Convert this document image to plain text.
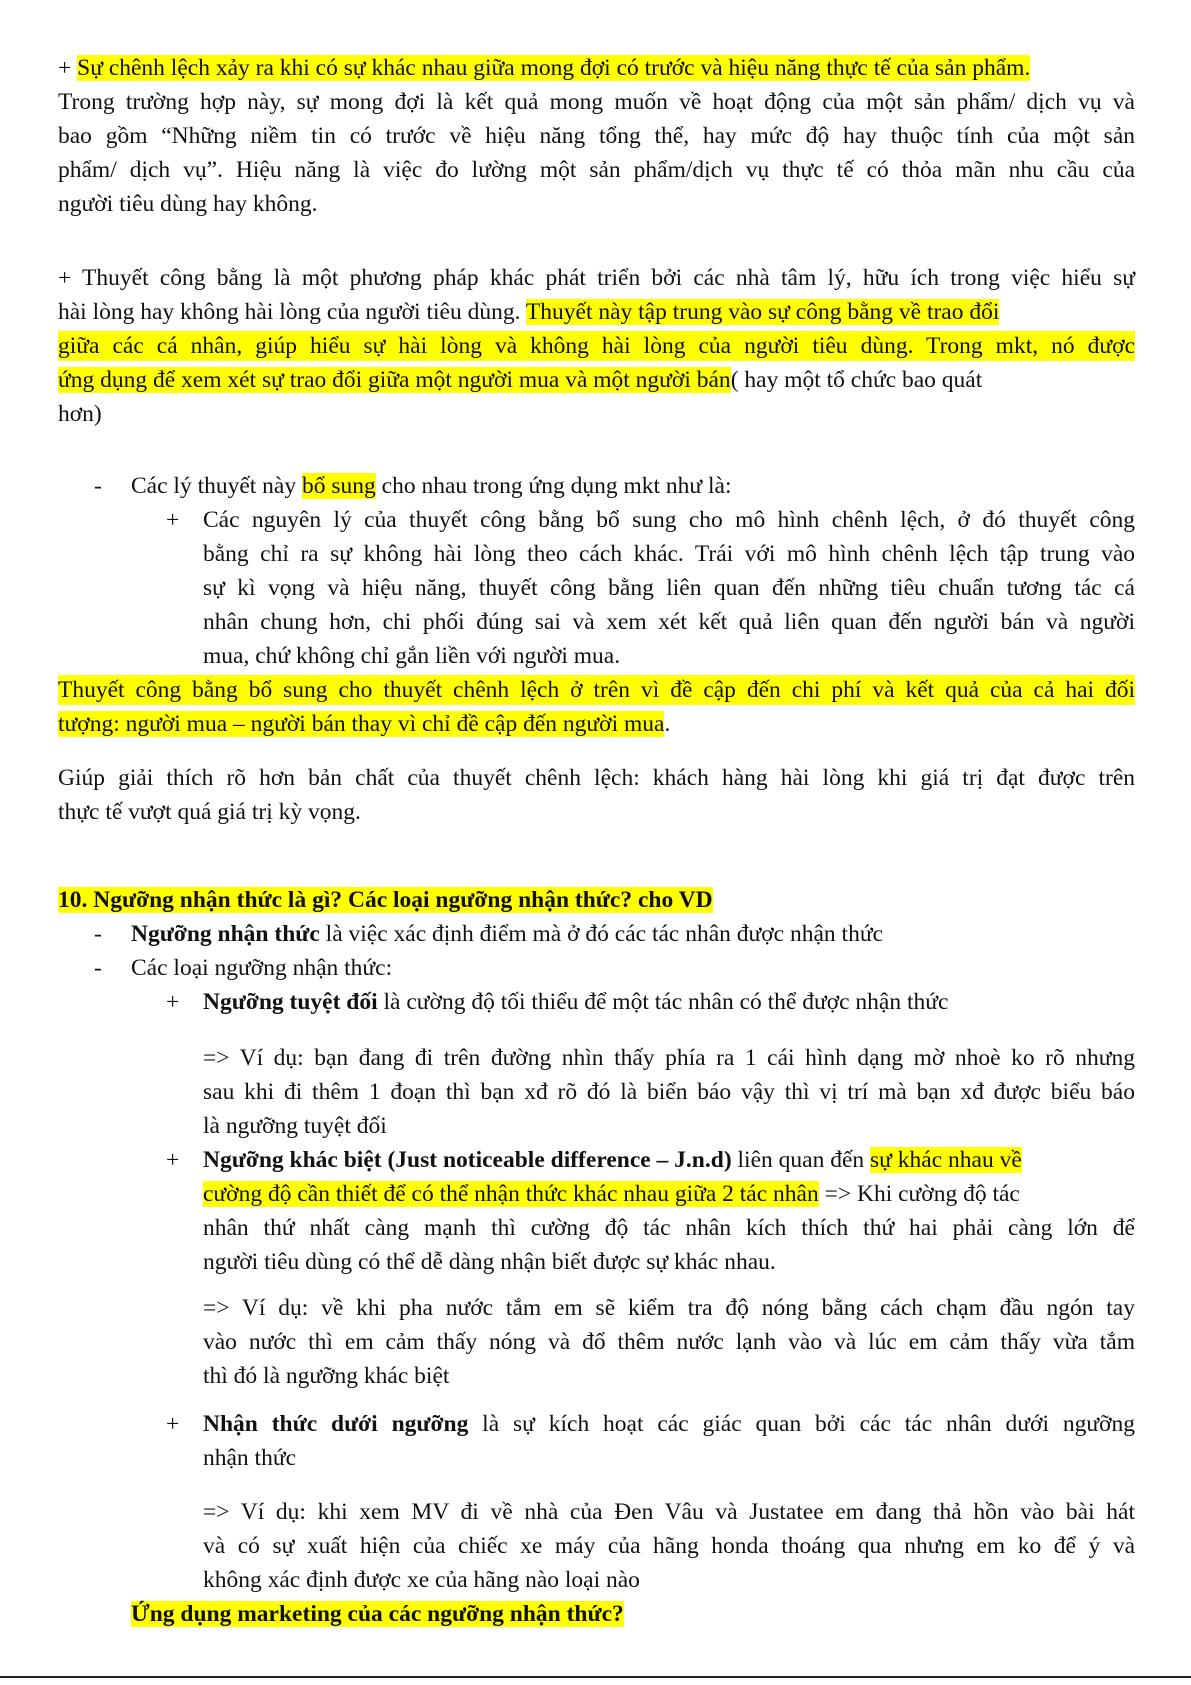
+ Sự chênh lệch xảy ra khi có sự khác nhau giữa mong đợi có trước và hiệu năng thực tế của sản phẩm.
Trong trường hợp này, sự mong đợi là kết quả mong muốn về hoạt động của một sản phẩm/ dịch vụ và
bao gồm “Những niềm tin có trước về hiệu năng tổng thể, hay mức độ hay thuộc tính của một sản
phẩm/ dịch vụ”. Hiệu năng là việc đo lường một sản phẩm/dịch vụ thực tế có thỏa mãn nhu cầu của
người tiêu dùng hay không.
+ Thuyết công bằng là một phương pháp khác phát triển bởi các nhà tâm lý, hữu ích trong việc hiểu sự
hài lòng hay không hài lòng của người tiêu dùng. Thuyết này tập trung vào sự công bằng về trao đổi
giữa các cá nhân, giúp hiểu sự hài lòng và không hài lòng của người tiêu dùng. Trong mkt, nó được
ứng dụng để xem xét sự trao đổi giữa một người mua và một người bán( hay một tổ chức bao quát
hơn)
- Các lý thuyết này bổ sung cho nhau trong ứng dụng mkt như là:
+ Các nguyên lý của thuyết công bằng bổ sung cho mô hình chênh lệch, ở đó thuyết công
bằng chỉ ra sự không hài lòng theo cách khác. Trái với mô hình chênh lệch tập trung vào
sự kì vọng và hiệu năng, thuyết công bằng liên quan đến những tiêu chuẩn tương tác cá
nhân chung hơn, chi phối đúng sai và xem xét kết quả liên quan đến người bán và người
mua, chứ không chỉ gắn liền với người mua.
Thuyết công bằng bổ sung cho thuyết chênh lệch ở trên vì đề cập đến chi phí và kết quả của cả hai đối
tượng: người mua – người bán thay vì chỉ đề cập đến người mua.
Giúp giải thích rõ hơn bản chất của thuyết chênh lệch: khách hàng hài lòng khi giá trị đạt được trên
thực tế vượt quá giá trị kỳ vọng.
10. Ngưỡng nhận thức là gì? Các loại ngưỡng nhận thức? cho VD
- Ngưỡng nhận thức là việc xác định điểm mà ở đó các tác nhân được nhận thức
- Các loại ngưỡng nhận thức:
+ Ngưỡng tuyệt đối là cường độ tối thiểu để một tác nhân có thể được nhận thức
=> Ví dụ: bạn đang đi trên đường nhìn thấy phía ra 1 cái hình dạng mờ nhoè ko rõ nhưng
sau khi đi thêm 1 đoạn thì bạn xđ rõ đó là biển báo vậy thì vị trí mà bạn xđ được biểu báo
là ngưỡng tuyệt đối
+ Ngưỡng khác biệt (Just noticeable difference – J.n.d) liên quan đến sự khác nhau về
cường độ cần thiết để có thể nhận thức khác nhau giữa 2 tác nhân => Khi cường độ tác
nhân thứ nhất càng mạnh thì cường độ tác nhân kích thích thứ hai phải càng lớn để
người tiêu dùng có thể dễ dàng nhận biết được sự khác nhau.
=> Ví dụ: về khi pha nước tắm em sẽ kiểm tra độ nóng bằng cách chạm đầu ngón tay
vào nước thì em cảm thấy nóng và đổ thêm nước lạnh vào và lúc em cảm thấy vừa tắm
thì đó là ngưỡng khác biệt
+ Nhận thức dưới ngưỡng là sự kích hoạt các giác quan bởi các tác nhân dưới ngưỡng
nhận thức
=> Ví dụ: khi xem MV đi về nhà của Đen Vâu và Justatee em đang thả hồn vào bài hát
và có sự xuất hiện của chiếc xe máy của hãng honda thoáng qua nhưng em ko để ý và
không xác định được xe của hãng nào loại nào
Ứng dụng marketing của các ngưỡng nhận thức?
